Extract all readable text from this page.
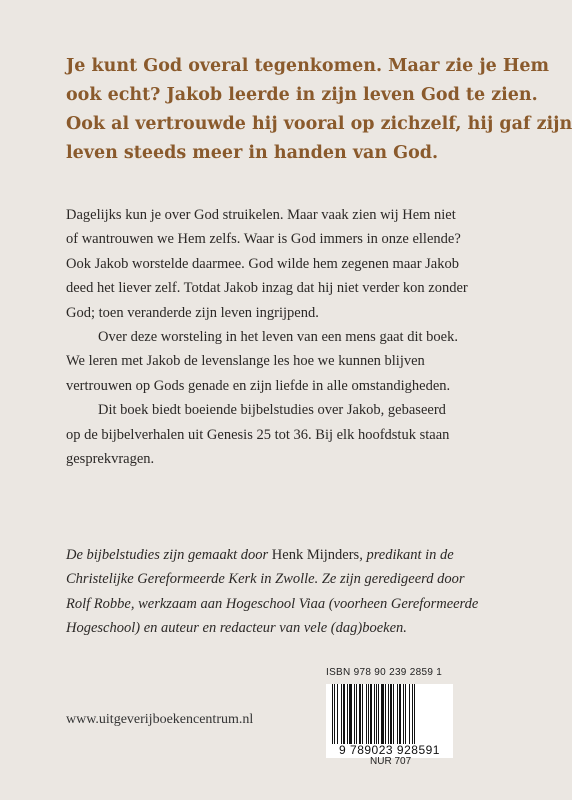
Je kunt God overal tegenkomen. Maar zie je Hem
ook echt? Jakob leerde in zijn leven God te zien.
Ook al vertrouwde hij vooral op zichzelf, hij gaf zijn
leven steeds meer in handen van God.
Dagelijks kun je over God struikelen. Maar vaak zien wij Hem niet
of wantrouwen we Hem zelfs. Waar is God immers in onze ellende?
Ook Jakob worstelde daarmee. God wilde hem zegenen maar Jakob
deed het liever zelf. Totdat Jakob inzag dat hij niet verder kon zonder
God; toen veranderde zijn leven ingrijpend.
Over deze worsteling in het leven van een mens gaat dit boek.
We leren met Jakob de levenslange les hoe we kunnen blijven
vertrouwen op Gods genade en zijn liefde in alle omstandigheden.
Dit boek biedt boeiende bijbelstudies over Jakob, gebaseerd
op de bijbelverhalen uit Genesis 25 tot 36. Bij elk hoofdstuk staan
gesprekvragen.
De bijbelstudies zijn gemaakt door Henk Mijnders, predikant in de
Christelijke Gereformeerde Kerk in Zwolle. Ze zijn geredigeerd door
Rolf Robbe, werkzaam aan Hogeschool Viaa (voorheen Gereformeerde
Hogeschool) en auteur en redacteur van vele (dag)boeken.
www.uitgeverijboekencentrum.nl
ISBN 978 90 239 2859 1
9 789023 928591
NUR 707
